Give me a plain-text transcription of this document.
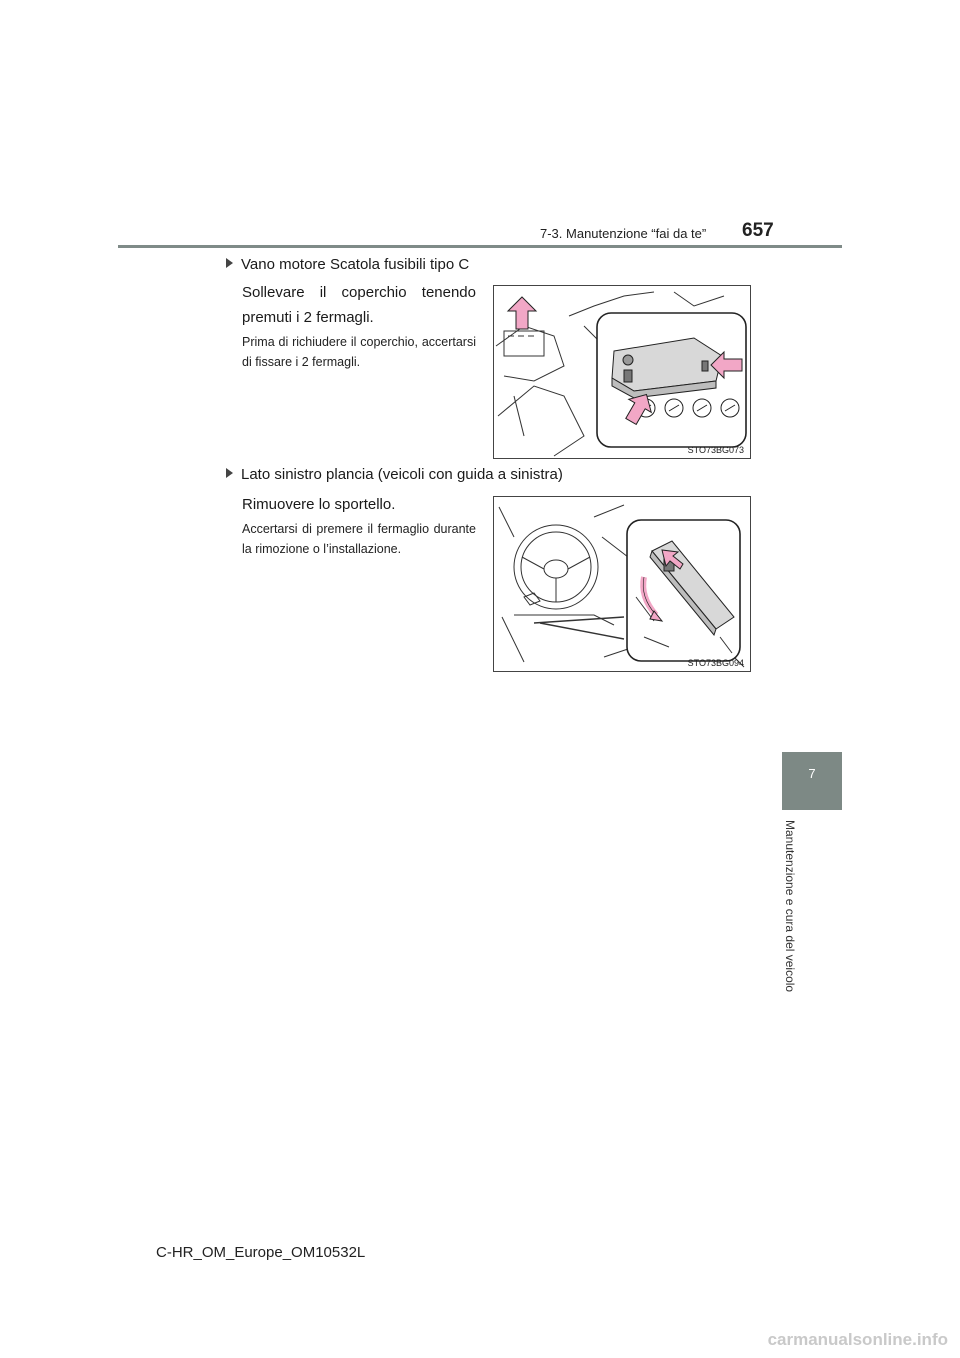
7-3. Manutenzione “fai da te” 657
7
Manutenzione e cura del veicolo
Vano motore Scatola fusibili tipo C
Sollevare il coperchio tenendo premuti i 2 fermagli.
Prima di richiudere il coperchio, accertarsi di fissare i 2 fermagli.
STO73BG073
Lato sinistro plancia (veicoli con guida a sinistra)
Rimuovere lo sportello.
Accertarsi di premere il fermaglio durante la rimozione o l’installazione.
STO73BG094
C-HR_OM_Europe_OM10532L
carmanualsonline.info
